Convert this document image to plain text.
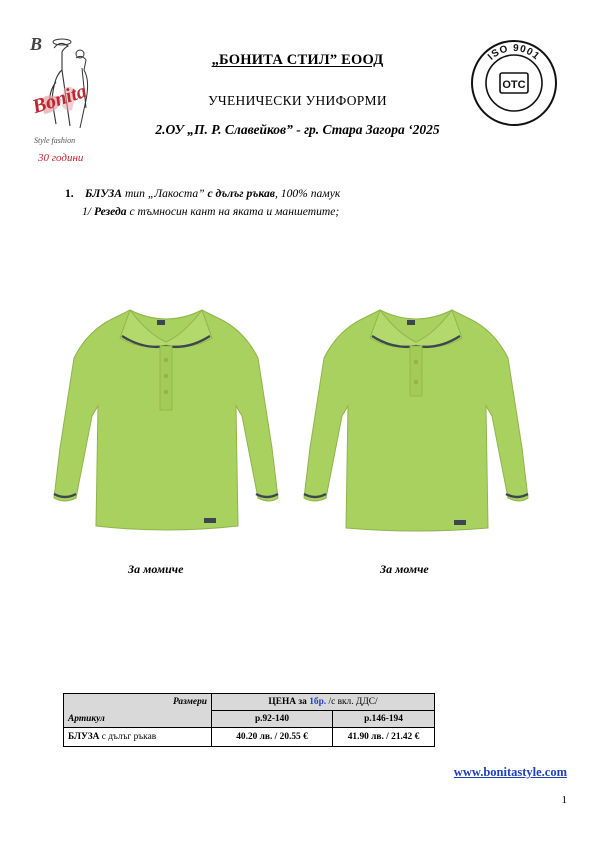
B
Bonita
Style fashion
30 години
ISO 9001
OTC
„БОНИТА СТИЛ” ЕООД
УЧЕНИЧЕСКИ УНИФОРМИ
2.ОУ „П. Р. Славейков” - гр. Стара Загора ‘2025
1. БЛУЗА тип „Лакоста” с дълъг ръкав, 100% памук
1/ Резеда с тъмносин кант на яката и маншетите;
За момиче	За момче
Размери	ЦЕНА за 1бр. /с вкл. ДДС/	
Артикул	р.92-140	р.146-194
БЛУЗА с дълъг ръкав	40.20 лв. / 20.55 €	41.90 лв. / 21.42 €
www.bonitastyle.com
1
